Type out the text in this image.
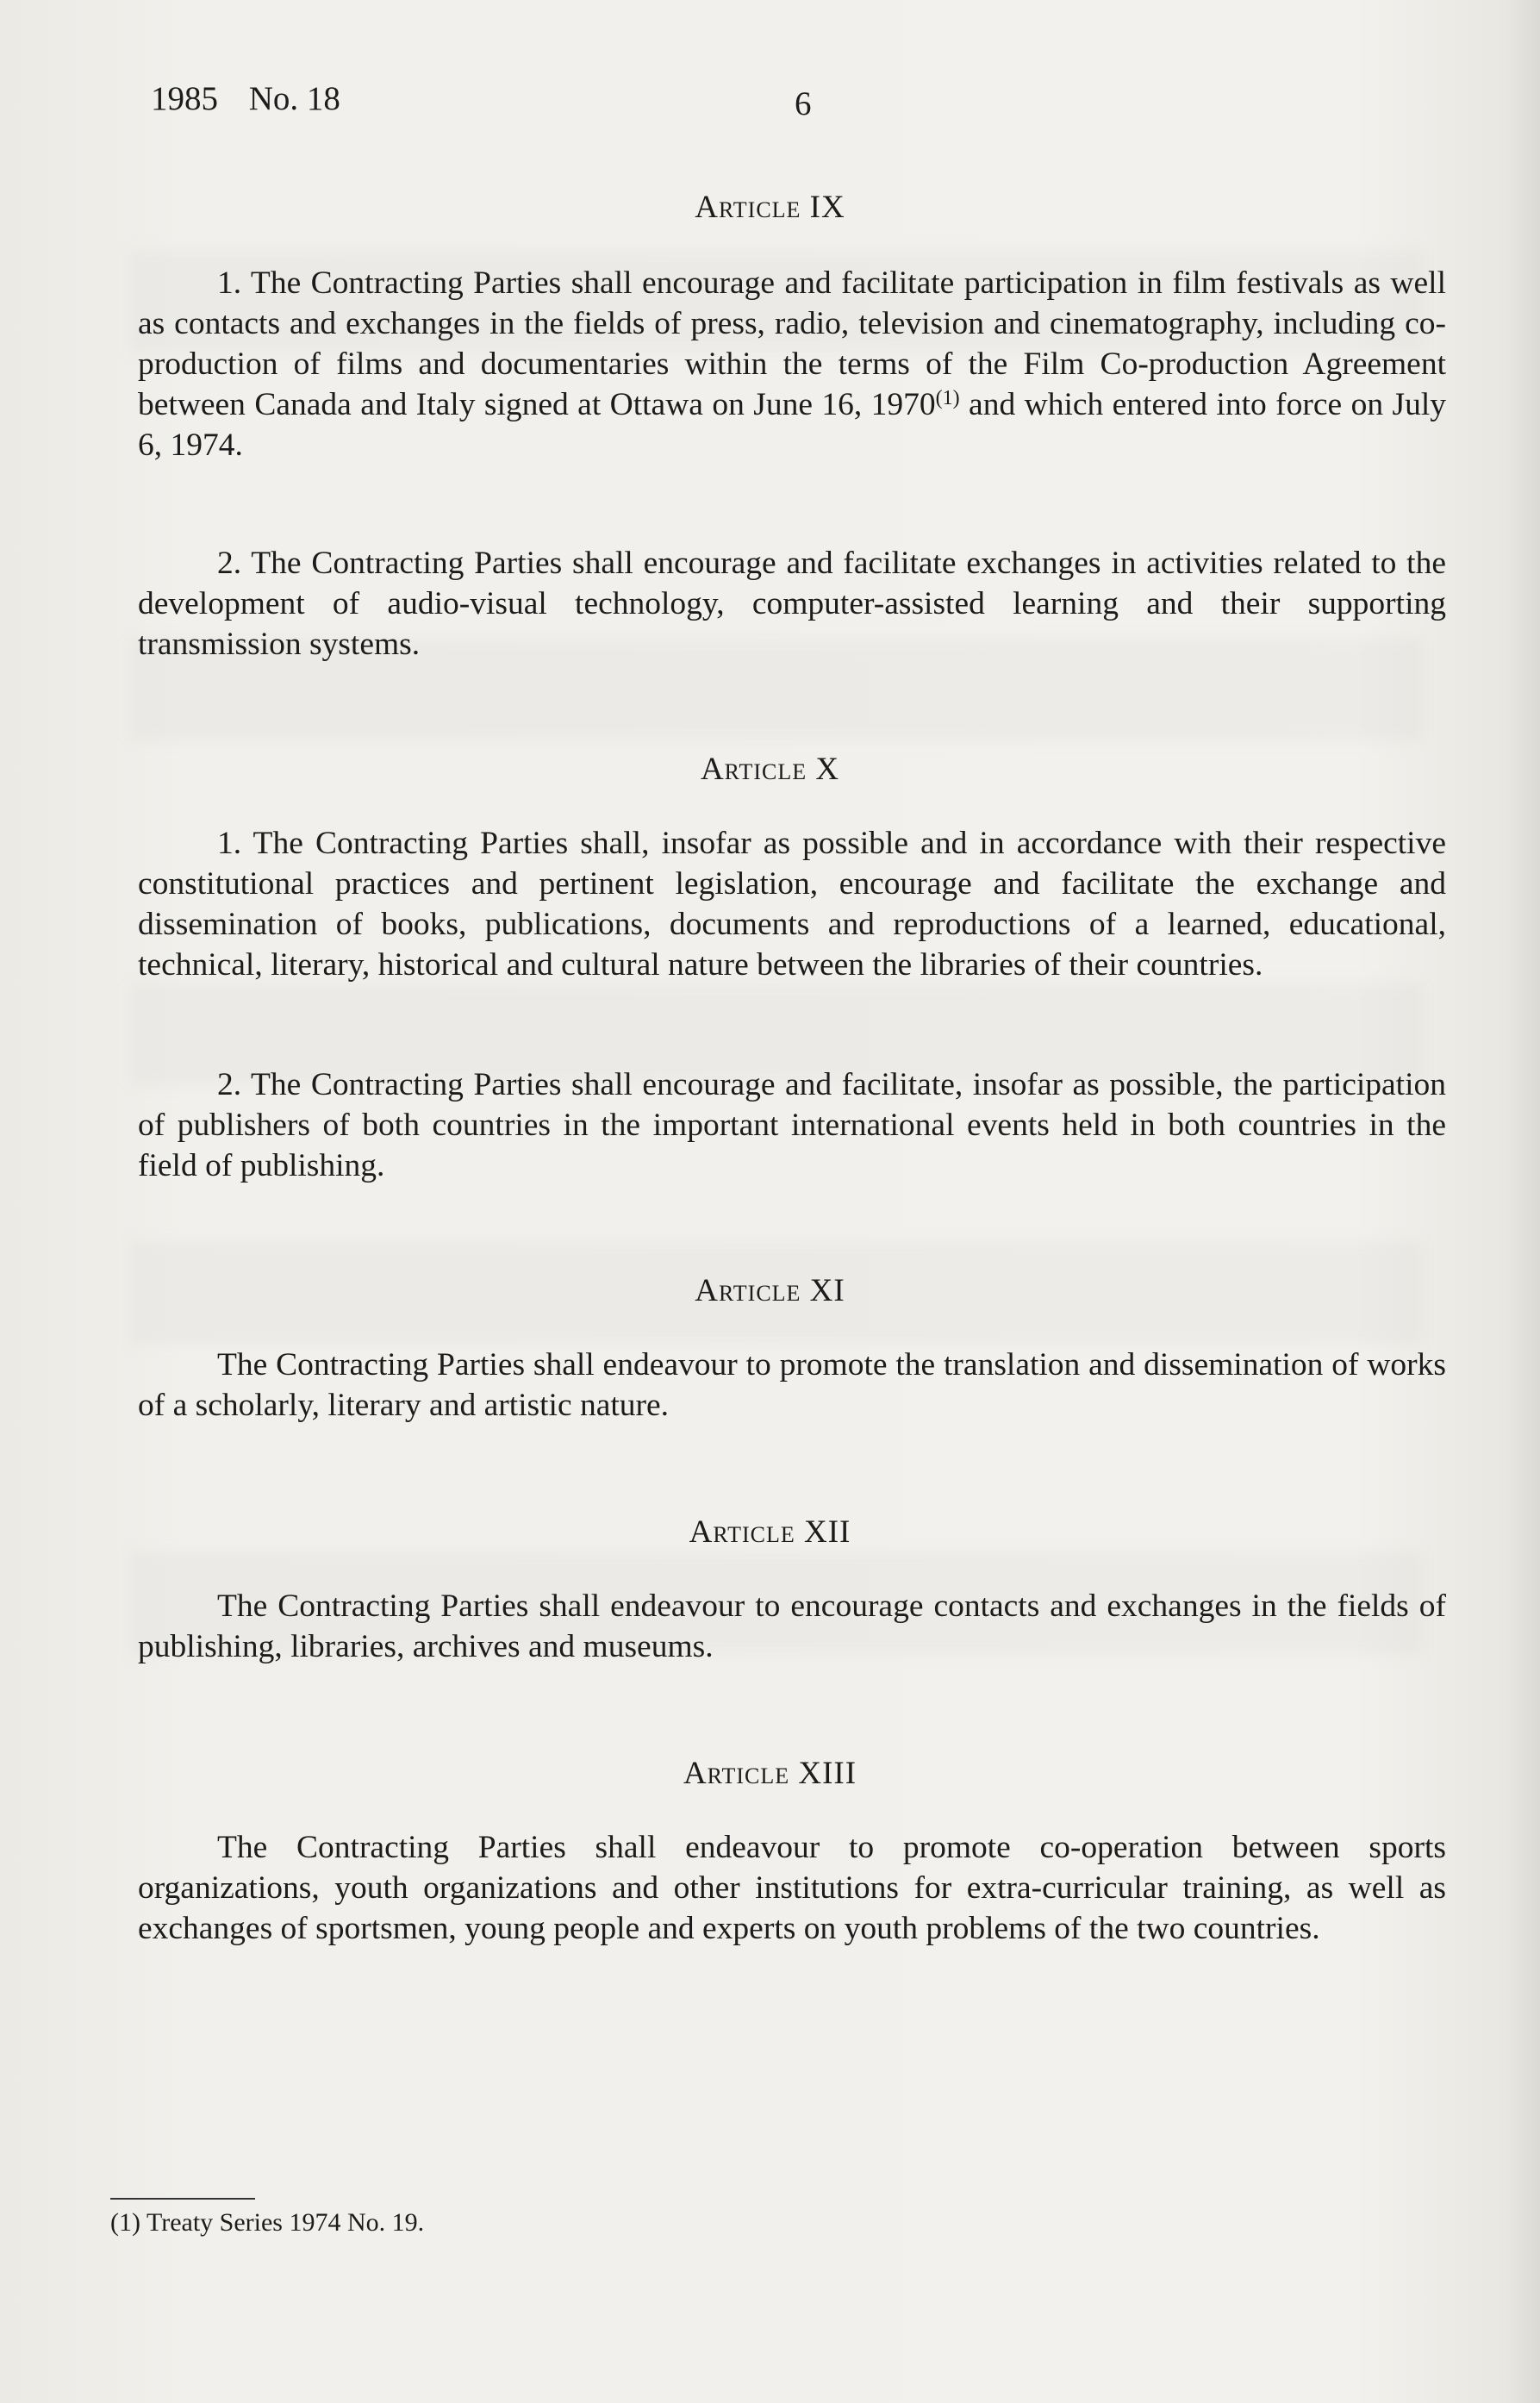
1985 No. 18	6
Article IX

1. The Contracting Parties shall encourage and facilitate participation in film festivals as well as contacts and exchanges in the fields of press, radio, television and cinematography, including co-production of films and documentaries within the terms of the Film Co-production Agreement between Canada and Italy signed at Ottawa on June 16, 1970$^{(1)}$ and which entered into force on July 6, 1974.

2. The Contracting Parties shall encourage and facilitate exchanges in activities related to the development of audio-visual technology, computer-assisted learning and their supporting transmission systems.

Article X

1. The Contracting Parties shall, insofar as possible and in accordance with their respective constitutional practices and pertinent legislation, encourage and facilitate the exchange and dissemination of books, publications, documents and reproductions of a learned, educational, technical, literary, historical and cultural nature between the libraries of their countries.

2. The Contracting Parties shall encourage and facilitate, insofar as possible, the participation of publishers of both countries in the important international events held in both countries in the field of publishing.

Article XI

The Contracting Parties shall endeavour to promote the translation and dissemination of works of a scholarly, literary and artistic nature.

Article XII

The Contracting Parties shall endeavour to encourage contacts and exchanges in the fields of publishing, libraries, archives and museums.

Article XIII

The Contracting Parties shall endeavour to promote co-operation between sports organizations, youth organizations and other institutions for extra-curricular training, as well as exchanges of sportsmen, young people and experts on youth problems of the two countries.

(1) Treaty Series 1974 No. 19.
